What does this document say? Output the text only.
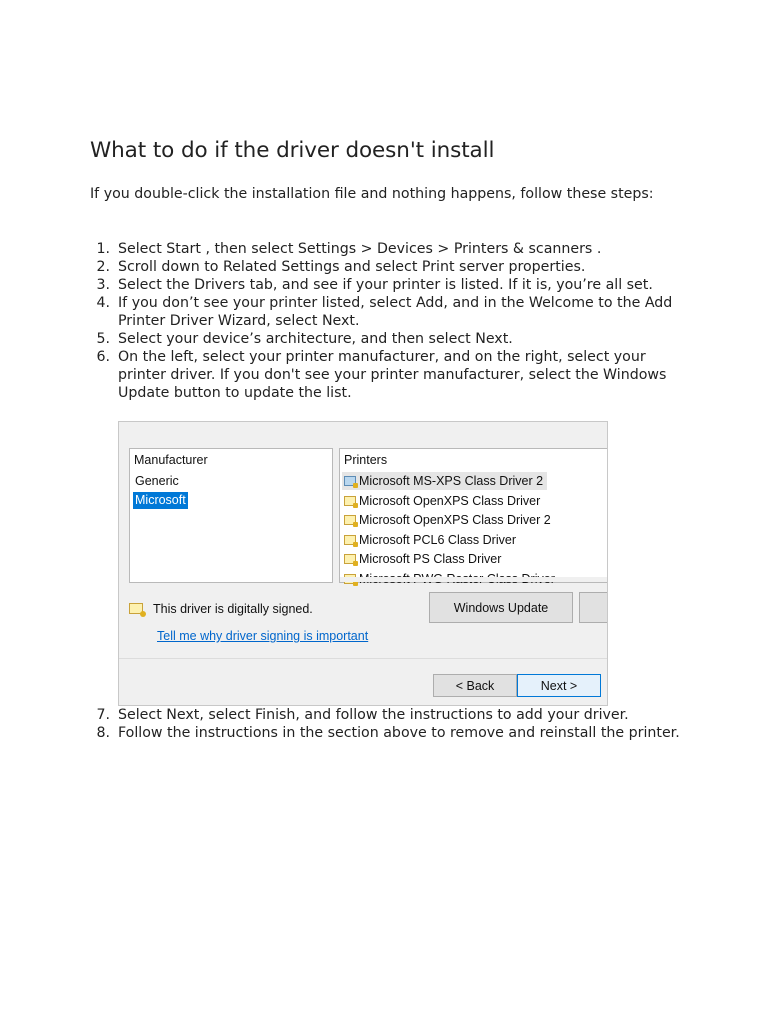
What to do if the driver doesn't install

If you double-click the installation file and nothing happens, follow these steps:

1. Select Start , then select Settings > Devices > Printers & scanners .
2. Scroll down to Related Settings and select Print server properties.
3. Select the Drivers tab, and see if your printer is listed. If it is, you’re all set.
4. If you don’t see your printer listed, select Add, and in the Welcome to the Add Printer Driver Wizard, select Next.
5. Select your device’s architecture, and then select Next.
6. On the left, select your printer manufacturer, and on the right, select your printer driver. If you don't see your printer manufacturer, select the Windows Update button to update the list.
Manufacturer
Generic
Microsoft
Printers
Microsoft MS-XPS Class Driver 2
Microsoft OpenXPS Class Driver
Microsoft OpenXPS Class Driver 2
Microsoft PCL6 Class Driver
Microsoft PS Class Driver
This driver is digitally signed.
Tell me why driver signing is important
Windows Update
< Back	Next >
7. Select Next, select Finish, and follow the instructions to add your driver.
8. Follow the instructions in the section above to remove and reinstall the printer.
